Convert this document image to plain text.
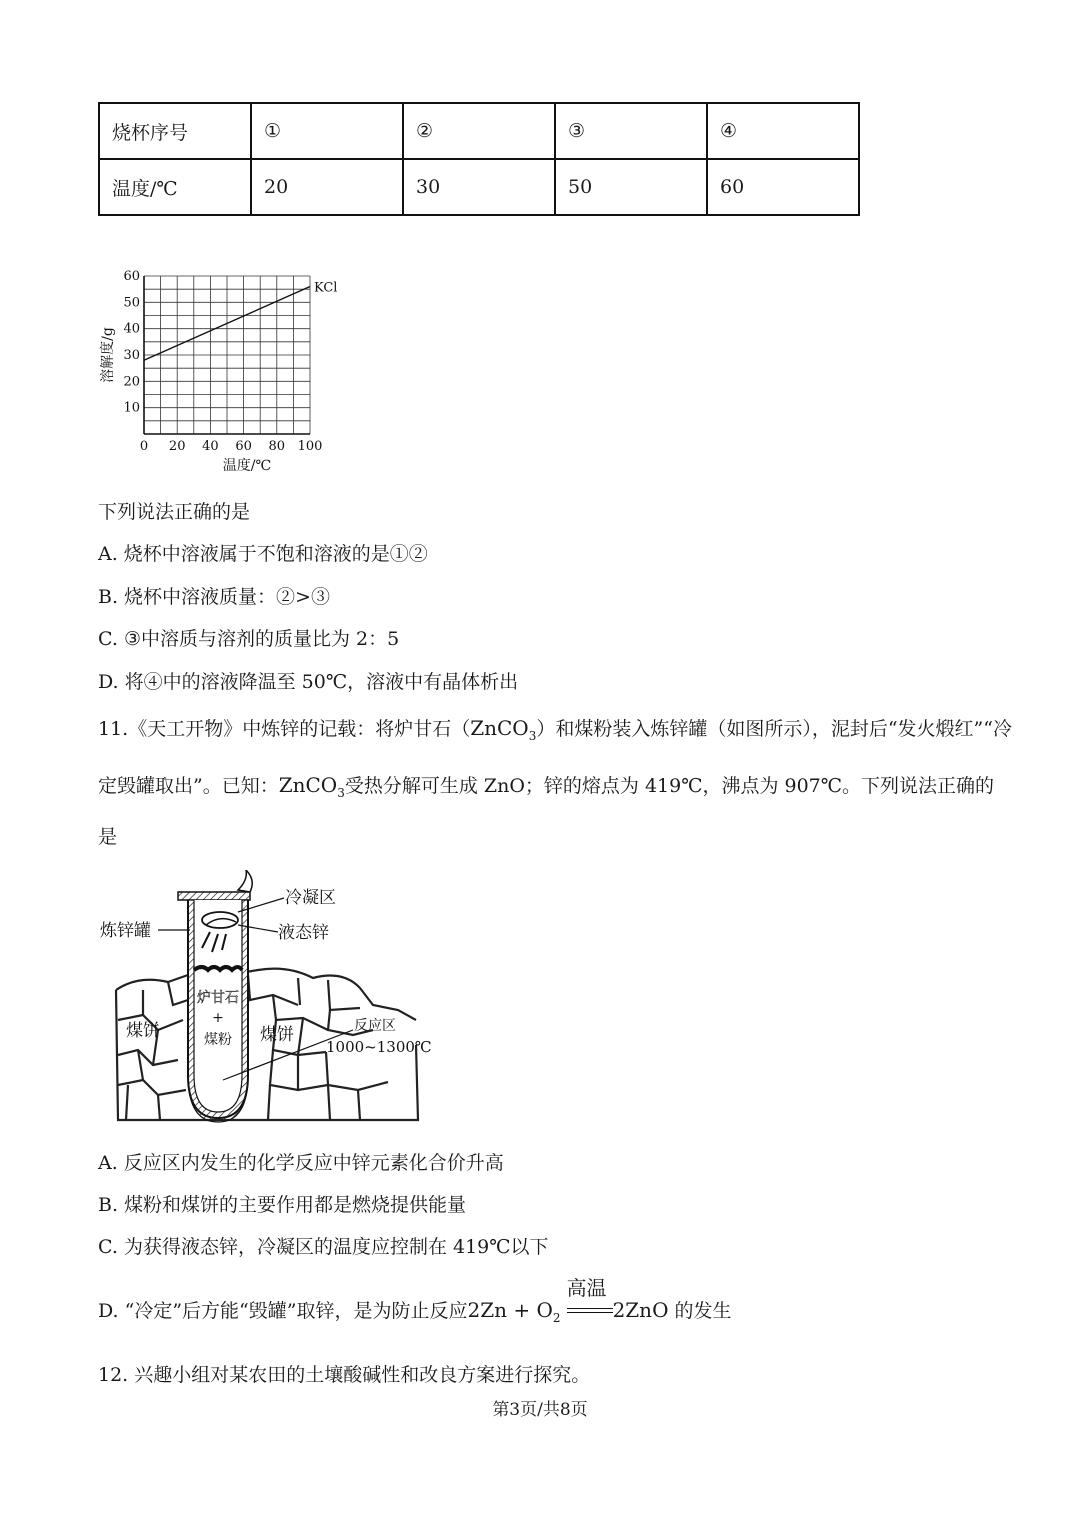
烧杯序号	①	②	③	④
温度/℃	20	30	50	60
0 20 40 60 80 100
10
20
30
40
50
60
KCl
温度/℃
溶解度/g
下列说法正确的是
A. 烧杯中溶液属于不饱和溶液的是①②
B. 烧杯中溶液质量：②>③
C. ③中溶质与溶剂的质量比为 2：5
D. 将④中的溶液降温至 50℃，溶液中有晶体析出
11.《天工开物》中炼锌的记载：将炉甘石（ZnCO$_3$）和煤粉装入炼锌罐（如图所示），泥封后“发火煅红”“冷
定毁罐取出”。已知：ZnCO$_3$受热分解可生成 ZnO；锌的熔点为 419℃，沸点为 907℃。下列说法正确的
是
冷凝区
液态锌
炼锌罐
炉甘石
+
煤粉
煤饼	煤饼	反应区
1000~1300℃
A. 反应区内发生的化学反应中锌元素化合价升高
B. 煤粉和煤饼的主要作用都是燃烧提供能量
C. 为获得液态锌，冷凝区的温度应控制在 419℃以下
D. “冷定”后方能“毁罐”取锌，是为防止反应$2Zn + O_2$
高温
2ZnO 的发生
12. 兴趣小组对某农田的土壤酸碱性和改良方案进行探究。
第3页/共8页
